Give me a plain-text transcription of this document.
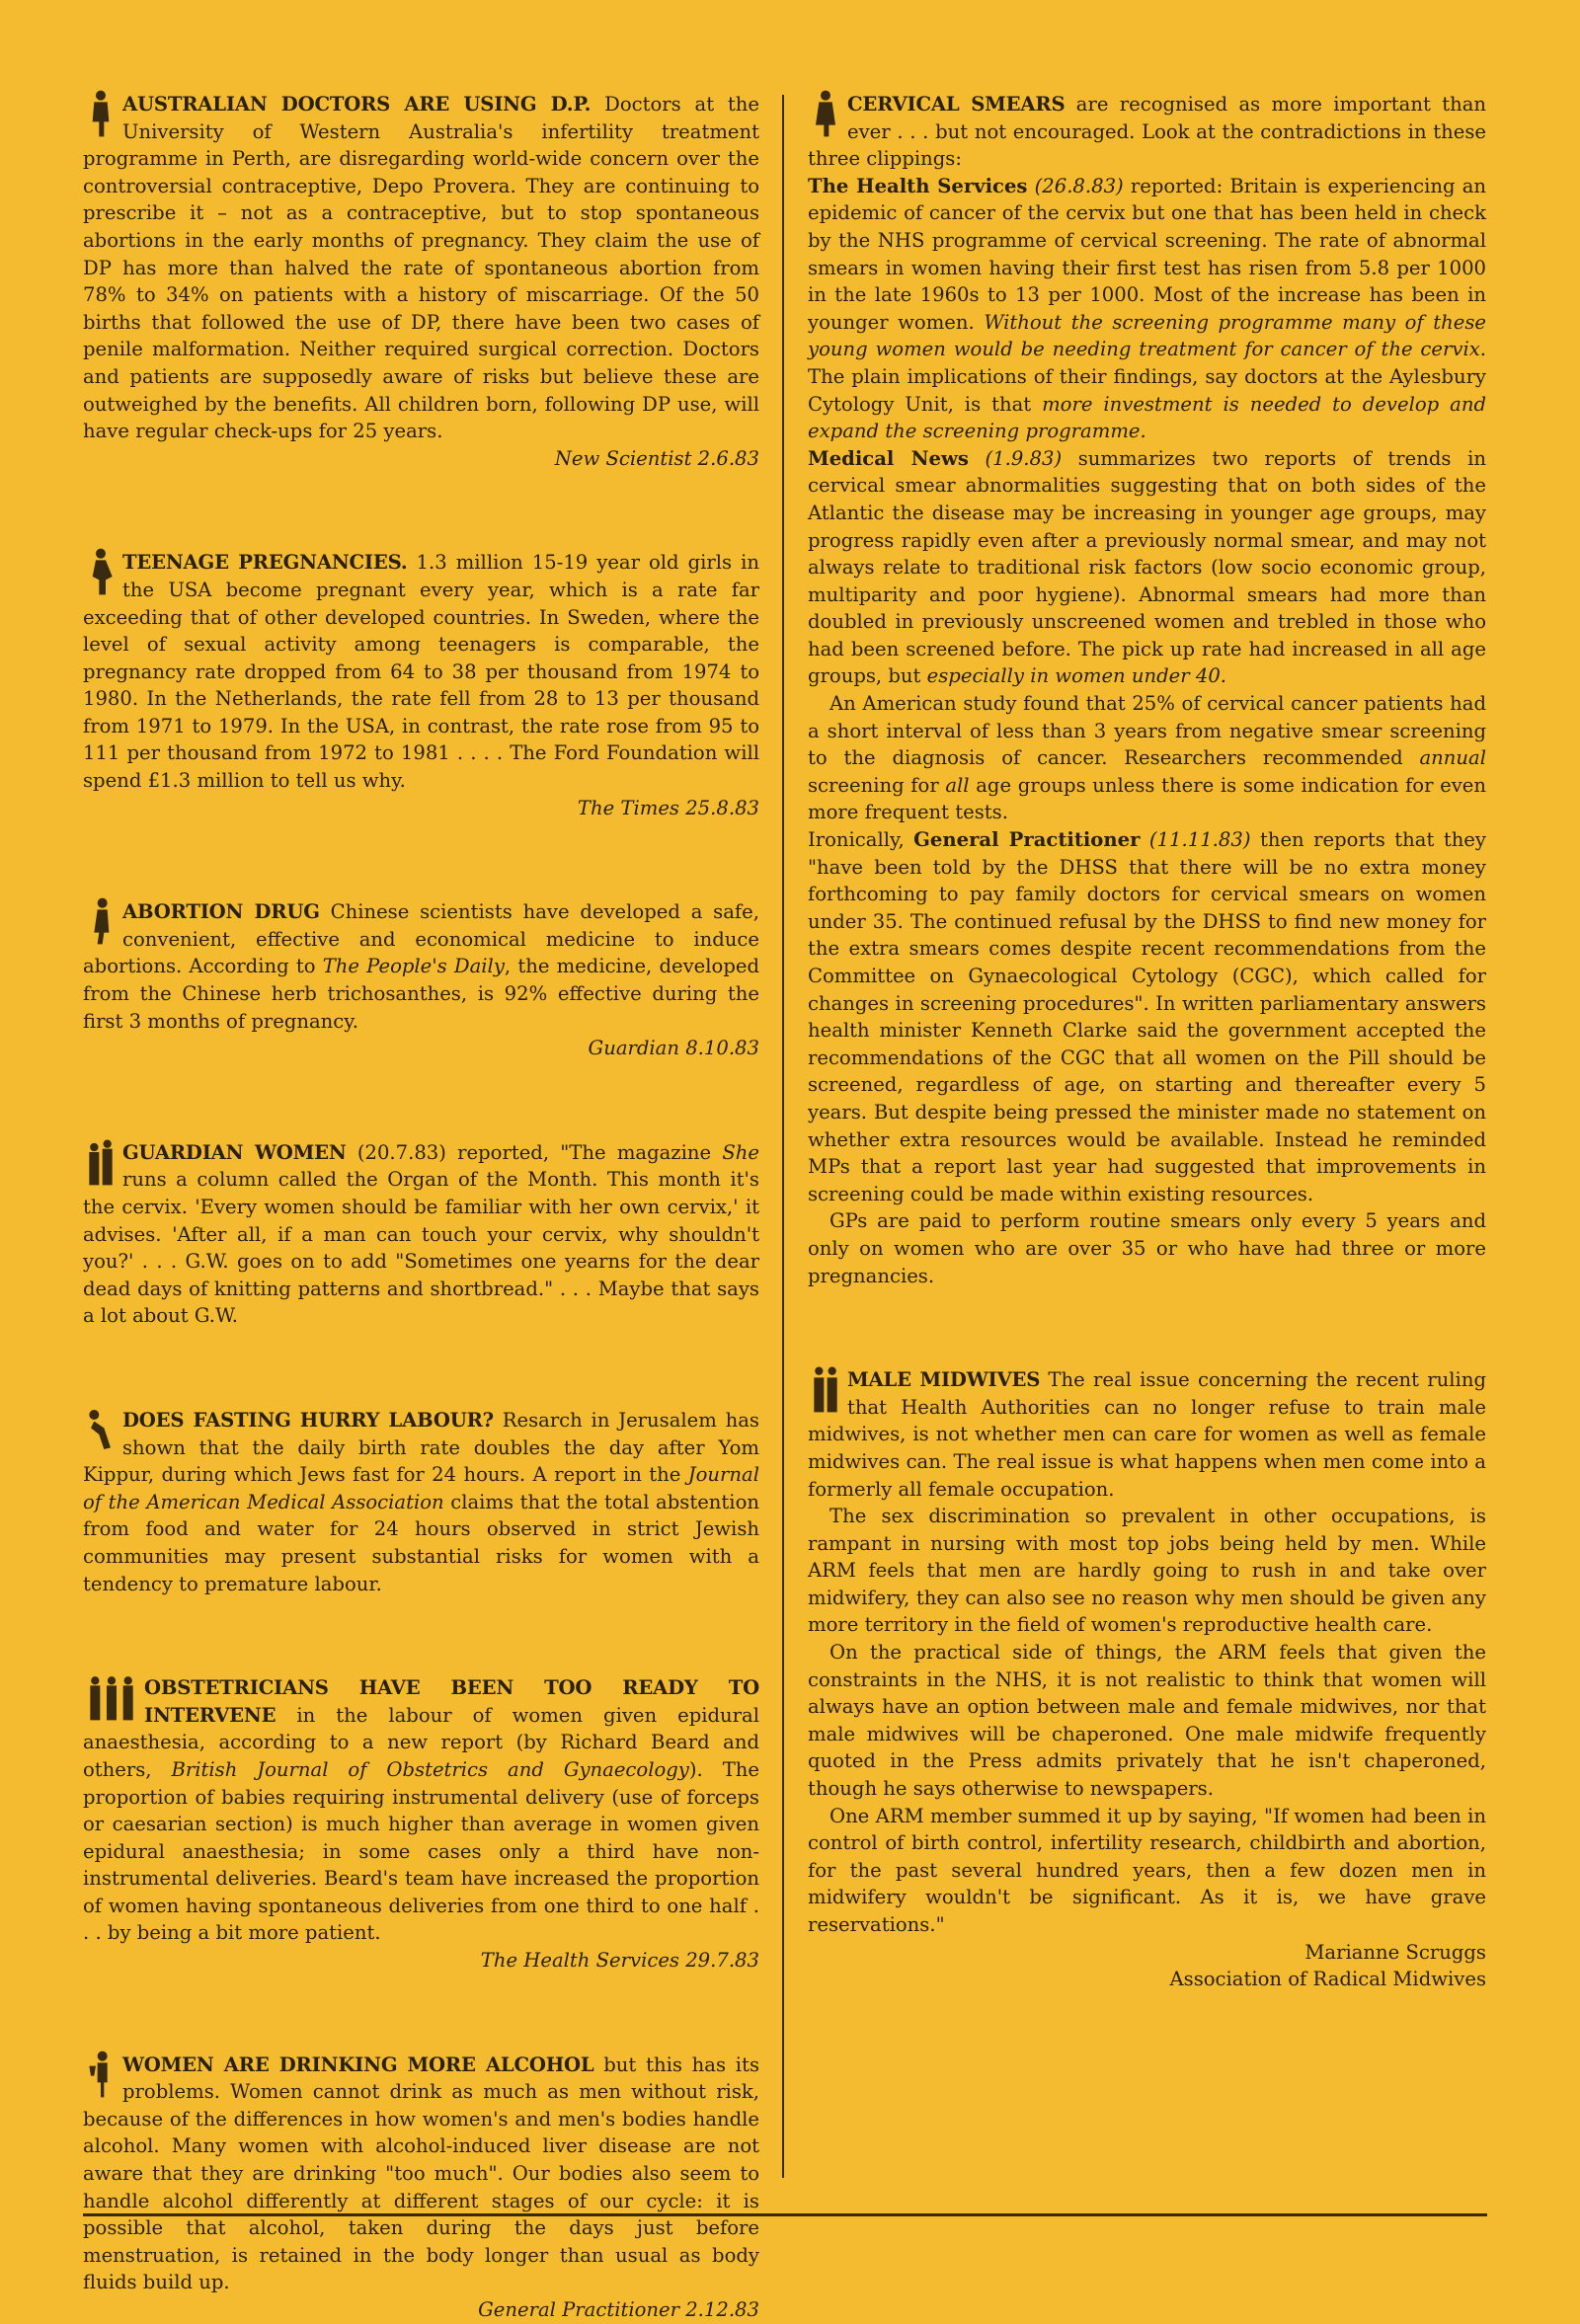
AUSTRALIAN DOCTORS ARE USING D.P. Doctors at the University of Western Australia's infertility treatment programme in Perth, are disregarding world-wide concern over the controversial contraceptive, Depo Provera. They are continuing to prescribe it – not as a contraceptive, but to stop spontaneous abortions in the early months of pregnancy. They claim the use of DP has more than halved the rate of spontaneous abortion from 78% to 34% on patients with a history of miscarriage. Of the 50 births that followed the use of DP, there have been two cases of penile malformation. Neither required surgical correction. Doctors and patients are supposedly aware of risks but believe these are outweighed by the benefits. All children born, following DP use, will have regular check-ups for 25 years.

New Scientist 2.6.83

TEENAGE PREGNANCIES. 1.3 million 15-19 year old girls in the USA become pregnant every year, which is a rate far exceeding that of other developed countries. In Sweden, where the level of sexual activity among teenagers is comparable, the pregnancy rate dropped from 64 to 38 per thousand from 1974 to 1980. In the Netherlands, the rate fell from 28 to 13 per thousand from 1971 to 1979. In the USA, in contrast, the rate rose from 95 to 111 per thousand from 1972 to 1981 . . . . The Ford Foundation will spend £1.3 million to tell us why.

The Times 25.8.83

ABORTION DRUG Chinese scientists have developed a safe, convenient, effective and economical medicine to induce abortions. According to The People's Daily, the medicine, developed from the Chinese herb trichosanthes, is 92% effective during the first 3 months of pregnancy.

Guardian 8.10.83

GUARDIAN WOMEN (20.7.83) reported, "The magazine She runs a column called the Organ of the Month. This month it's the cervix. 'Every women should be familiar with her own cervix,' it advises. 'After all, if a man can touch your cervix, why shouldn't you?' . . . G.W. goes on to add "Sometimes one yearns for the dear dead days of knitting patterns and shortbread." . . . Maybe that says a lot about G.W.

DOES FASTING HURRY LABOUR? Resarch in Jerusalem has shown that the daily birth rate doubles the day after Yom Kippur, during which Jews fast for 24 hours. A report in the Journal of the American Medical Association claims that the total abstention from food and water for 24 hours observed in strict Jewish communities may present substantial risks for women with a tendency to premature labour.

OBSTETRICIANS HAVE BEEN TOO READY TO INTERVENE in the labour of women given epidural anaesthesia, according to a new report (by Richard Beard and others, British Journal of Obstetrics and Gynaecology). The proportion of babies requiring instrumental delivery (use of forceps or caesarian section) is much higher than average in women given epidural anaesthesia; in some cases only a third have non-instrumental deliveries. Beard's team have increased the proportion of women having spontaneous deliveries from one third to one half . . . by being a bit more patient.

The Health Services 29.7.83

WOMEN ARE DRINKING MORE ALCOHOL but this has its problems. Women cannot drink as much as men without risk, because of the differences in how women's and men's bodies handle alcohol. Many women with alcohol-induced liver disease are not aware that they are drinking "too much". Our bodies also seem to handle alcohol differently at different stages of our cycle: it is possible that alcohol, taken during the days just before menstruation, is retained in the body longer than usual as body fluids build up.

General Practitioner 2.12.83

CERVICAL SMEARS are recognised as more important than ever . . . but not encouraged. Look at the contradictions in these three clippings:

The Health Services (26.8.83) reported: Britain is experiencing an epidemic of cancer of the cervix but one that has been held in check by the NHS programme of cervical screening. The rate of abnormal smears in women having their first test has risen from 5.8 per 1000 in the late 1960s to 13 per 1000. Most of the increase has been in younger women. Without the screening programme many of these young women would be needing treatment for cancer of the cervix. The plain implications of their findings, say doctors at the Aylesbury Cytology Unit, is that more investment is needed to develop and expand the screening programme.

Medical News (1.9.83) summarizes two reports of trends in cervical smear abnormalities suggesting that on both sides of the Atlantic the disease may be increasing in younger age groups, may progress rapidly even after a previously normal smear, and may not always relate to traditional risk factors (low socio economic group, multiparity and poor hygiene). Abnormal smears had more than doubled in previously unscreened women and trebled in those who had been screened before. The pick up rate had increased in all age groups, but especially in women under 40.

An American study found that 25% of cervical cancer patients had a short interval of less than 3 years from negative smear screening to the diagnosis of cancer. Researchers recommended annual screening for all age groups unless there is some indication for even more frequent tests.

Ironically, General Practitioner (11.11.83) then reports that they "have been told by the DHSS that there will be no extra money forthcoming to pay family doctors for cervical smears on women under 35. The continued refusal by the DHSS to find new money for the extra smears comes despite recent recommendations from the Committee on Gynaecological Cytology (CGC), which called for changes in screening procedures". In written parliamentary answers health minister Kenneth Clarke said the government accepted the recommendations of the CGC that all women on the Pill should be screened, regardless of age, on starting and thereafter every 5 years. But despite being pressed the minister made no statement on whether extra resources would be available. Instead he reminded MPs that a report last year had suggested that improvements in screening could be made within existing resources.

GPs are paid to perform routine smears only every 5 years and only on women who are over 35 or who have had three or more pregnancies.

MALE MIDWIVES The real issue concerning the recent ruling that Health Authorities can no longer refuse to train male midwives, is not whether men can care for women as well as female midwives can. The real issue is what happens when men come into a formerly all female occupation.

The sex discrimination so prevalent in other occupations, is rampant in nursing with most top jobs being held by men. While ARM feels that men are hardly going to rush in and take over midwifery, they can also see no reason why men should be given any more territory in the field of women's reproductive health care.

On the practical side of things, the ARM feels that given the constraints in the NHS, it is not realistic to think that women will always have an option between male and female midwives, nor that male midwives will be chaperoned. One male midwife frequently quoted in the Press admits privately that he isn't chaperoned, though he says otherwise to newspapers.

One ARM member summed it up by saying, "If women had been in control of birth control, infertility research, childbirth and abortion, for the past several hundred years, then a few dozen men in midwifery wouldn't be significant. As it is, we have grave reservations."

Marianne Scruggs

Association of Radical Midwives
